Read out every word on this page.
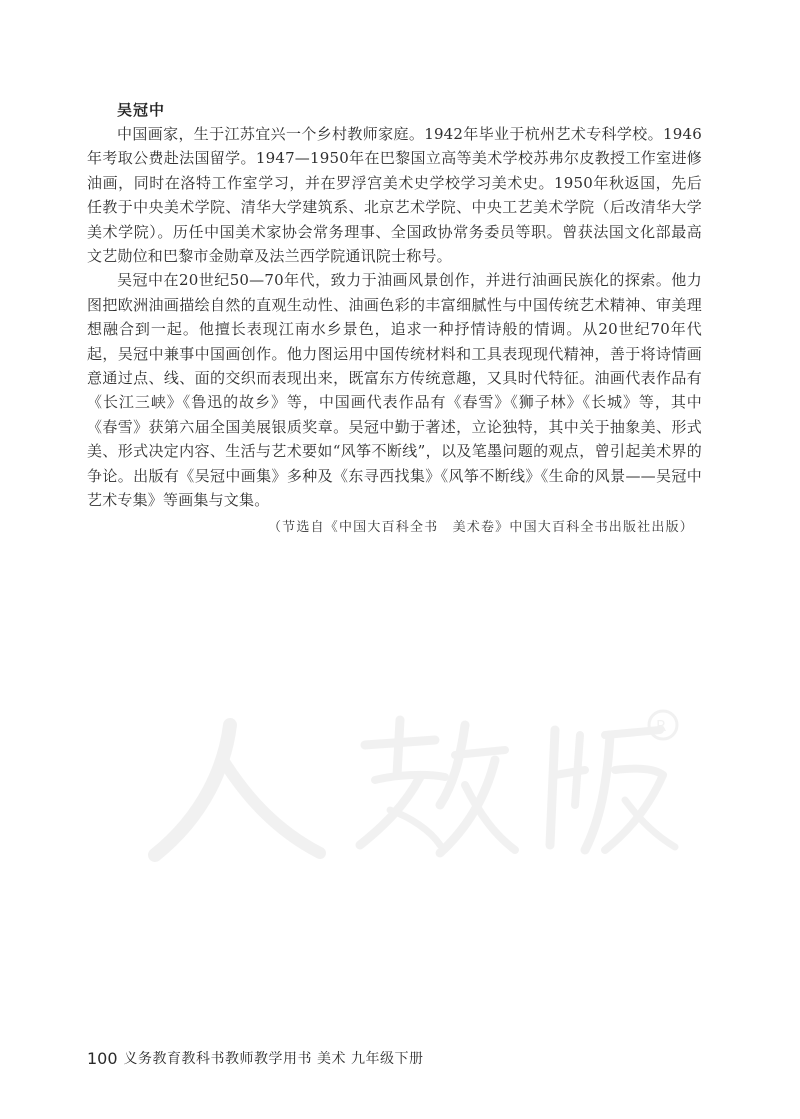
吴冠中

中国画家，生于江苏宜兴一个乡村教师家庭。1942年毕业于杭州艺术专科学校。1946年考取公费赴法国留学。1947—1950年在巴黎国立高等美术学校苏弗尔皮教授工作室进修油画，同时在洛特工作室学习，并在罗浮宫美术史学校学习美术史。1950年秋返国，先后任教于中央美术学院、清华大学建筑系、北京艺术学院、中央工艺美术学院（后改清华大学美术学院）。历任中国美术家协会常务理事、全国政协常务委员等职。曾获法国文化部最高文艺勋位和巴黎市金勋章及法兰西学院通讯院士称号。

吴冠中在20世纪50—70年代，致力于油画风景创作，并进行油画民族化的探索。他力图把欧洲油画描绘自然的直观生动性、油画色彩的丰富细腻性与中国传统艺术精神、审美理想融合到一起。他擅长表现江南水乡景色，追求一种抒情诗般的情调。从20世纪70年代起，吴冠中兼事中国画创作。他力图运用中国传统材料和工具表现现代精神，善于将诗情画意通过点、线、面的交织而表现出来，既富东方传统意趣，又具时代特征。油画代表作品有《长江三峡》《鲁迅的故乡》等，中国画代表作品有《春雪》《狮子林》《长城》等，其中《春雪》获第六届全国美展银质奖章。吴冠中勤于著述，立论独特，其中关于抽象美、形式美、形式决定内容、生活与艺术要如“风筝不断线”，以及笔墨问题的观点，曾引起美术界的争论。出版有《吴冠中画集》多种及《东寻西找集》《风筝不断线》《生命的风景——吴冠中艺术专集》等画集与文集。

（节选自《中国大百科全书　美术卷》中国大百科全书出版社出版）

R
100 义务教育教科书教师教学用书 美术 九年级下册
